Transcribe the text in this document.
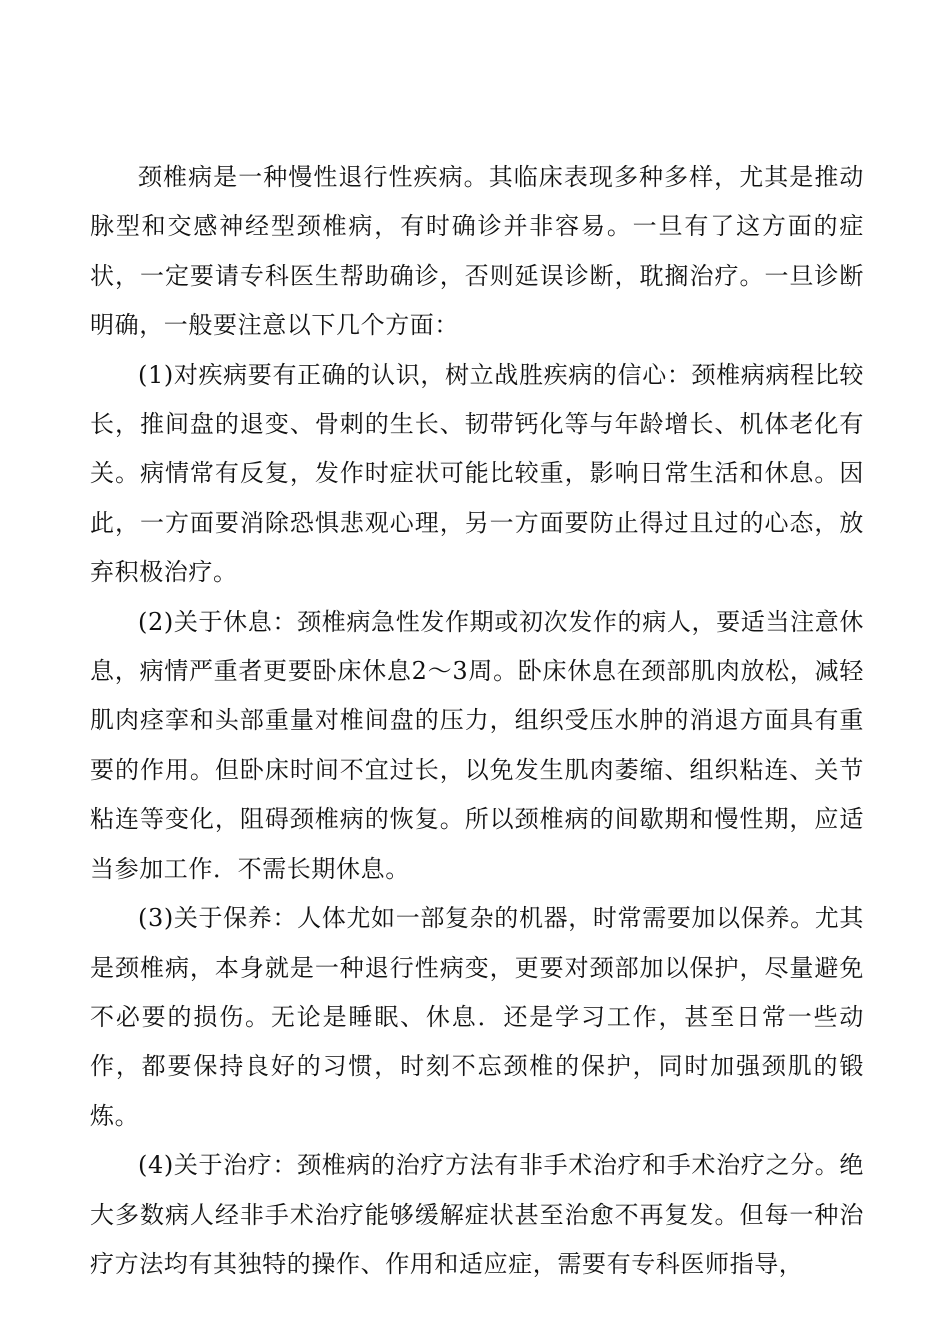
颈椎病是一种慢性退行性疾病。其临床表现多种多样，尤其是推动脉型和交感神经型颈椎病，有时确诊并非容易。一旦有了这方面的症状，一定要请专科医生帮助确诊，否则延误诊断，耽搁治疗。一旦诊断明确，一般要注意以下几个方面：

(1)对疾病要有正确的认识，树立战胜疾病的信心：颈椎病病程比较长，推间盘的退变、骨刺的生长、韧带钙化等与年龄增长、机体老化有关。病情常有反复，发作时症状可能比较重，影响日常生活和休息。因此，一方面要消除恐惧悲观心理，另一方面要防止得过且过的心态，放弃积极治疗。

(2)关于休息：颈椎病急性发作期或初次发作的病人，要适当注意休息，病情严重者更要卧床休息2～3周。卧床休息在颈部肌肉放松，减轻肌肉痉挛和头部重量对椎间盘的压力，组织受压水肿的消退方面具有重要的作用。但卧床时间不宜过长，以免发生肌肉萎缩、组织粘连、关节粘连等变化，阻碍颈椎病的恢复。所以颈椎病的间歇期和慢性期，应适当参加工作．不需长期休息。

(3)关于保养：人体尤如一部复杂的机器，时常需要加以保养。尤其是颈椎病，本身就是一种退行性病变，更要对颈部加以保护，尽量避免不必要的损伤。无论是睡眠、休息．还是学习工作，甚至日常一些动作，都要保持良好的习惯，时刻不忘颈椎的保护，同时加强颈肌的锻炼。

(4)关于治疗：颈椎病的治疗方法有非手术治疗和手术治疗之分。绝大多数病人经非手术治疗能够缓解症状甚至治愈不再复发。但每一种治疗方法均有其独特的操作、作用和适应症，需要有专科医师指导，
